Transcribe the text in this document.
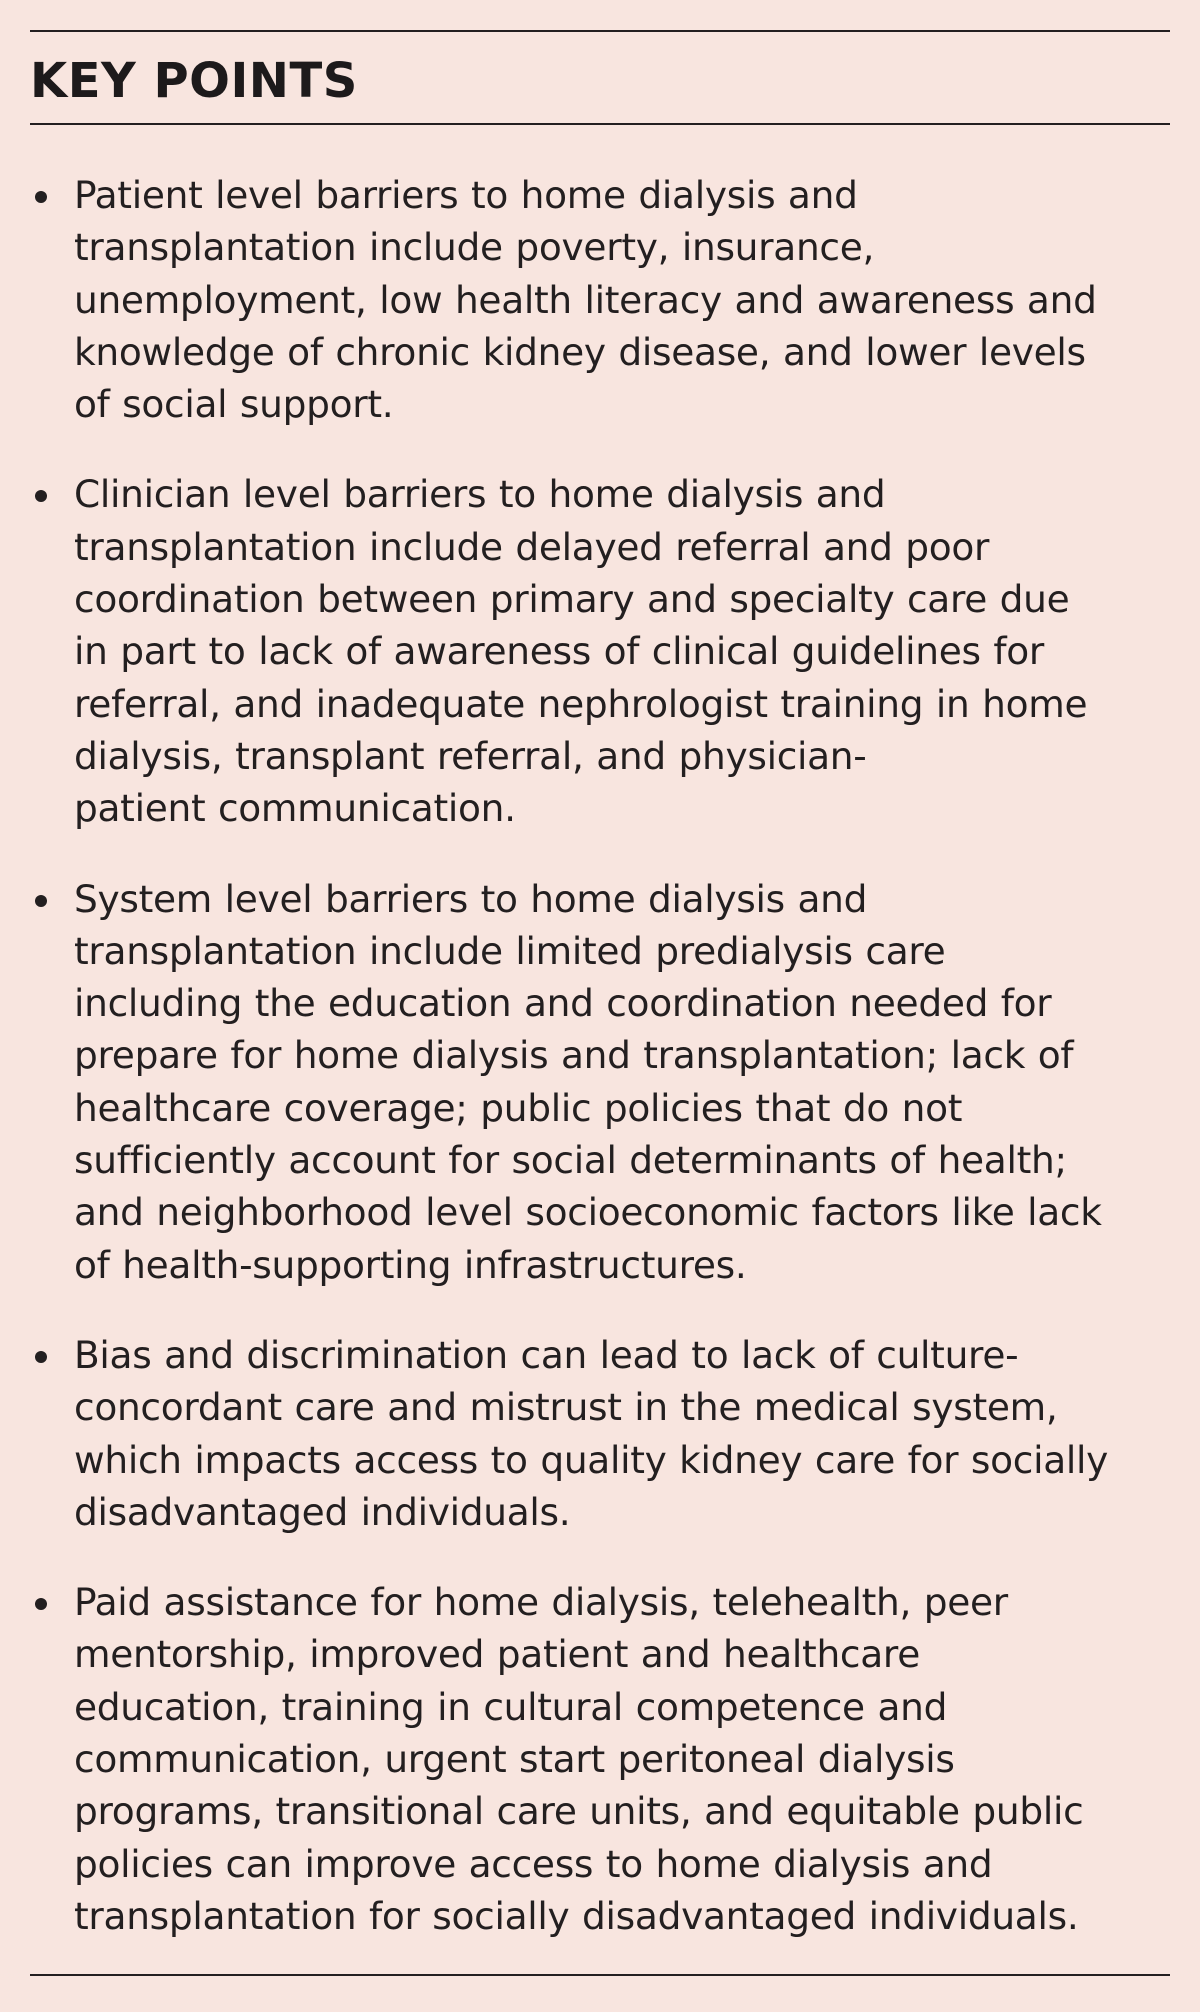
KEY POINTS
Patient level barriers to home dialysis and
transplantation include poverty, insurance,
unemployment, low health literacy and awareness and
knowledge of chronic kidney disease, and lower levels
of social support.
Clinician level barriers to home dialysis and
transplantation include delayed referral and poor
coordination between primary and specialty care due
in part to lack of awareness of clinical guidelines for
referral, and inadequate nephrologist training in home
dialysis, transplant referral, and physician-
patient communication.
System level barriers to home dialysis and
transplantation include limited predialysis care
including the education and coordination needed for
prepare for home dialysis and transplantation; lack of
healthcare coverage; public policies that do not
sufficiently account for social determinants of health;
and neighborhood level socioeconomic factors like lack
of health-supporting infrastructures.
Bias and discrimination can lead to lack of culture-
concordant care and mistrust in the medical system,
which impacts access to quality kidney care for socially
disadvantaged individuals.
Paid assistance for home dialysis, telehealth, peer
mentorship, improved patient and healthcare
education, training in cultural competence and
communication, urgent start peritoneal dialysis
programs, transitional care units, and equitable public
policies can improve access to home dialysis and
transplantation for socially disadvantaged individuals.
